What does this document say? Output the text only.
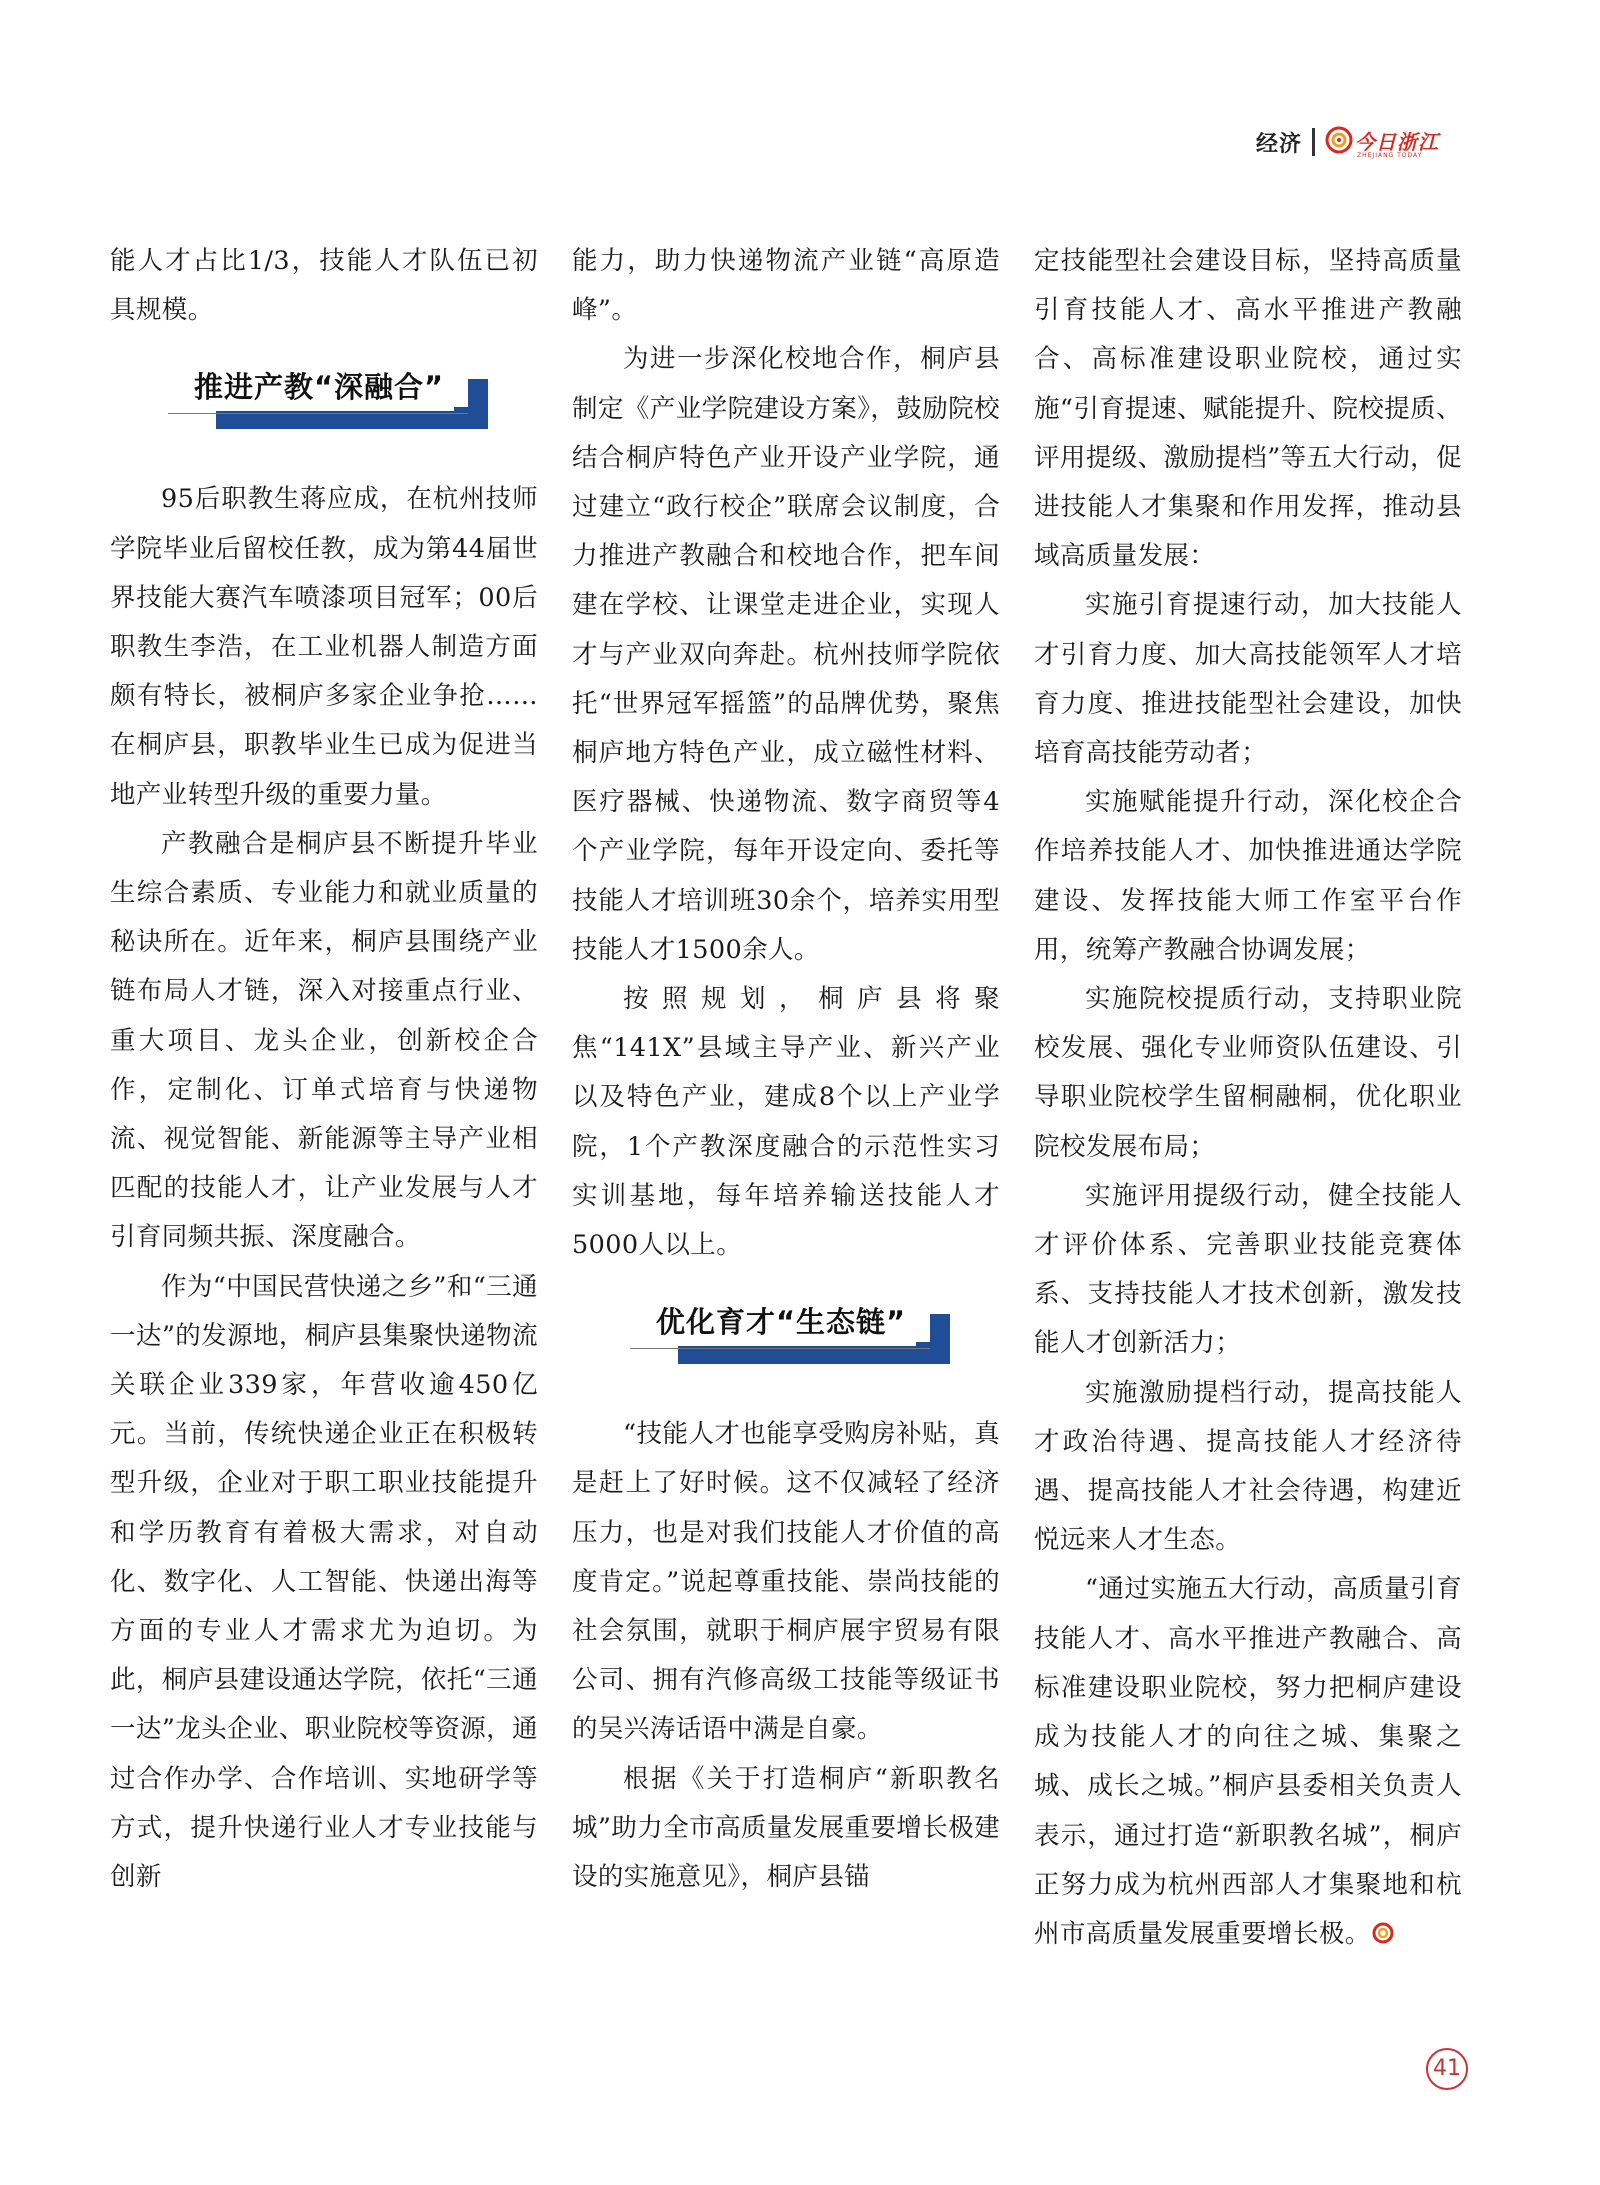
经济	今日浙江
ZHEJIANG TODAY

能人才占比1/3，技能人才队伍已初具规模。

推进产教“深融合”

95后职教生蒋应成，在杭州技师学院毕业后留校任教，成为第44届世界技能大赛汽车喷漆项目冠军；00后职教生李浩，在工业机器人制造方面颇有特长，被桐庐多家企业争抢……在桐庐县，职教毕业生已成为促进当地产业转型升级的重要力量。

产教融合是桐庐县不断提升毕业生综合素质、专业能力和就业质量的秘诀所在。近年来，桐庐县围绕产业链布局人才链，深入对接重点行业、重大项目、龙头企业，创新校企合作，定制化、订单式培育与快递物流、视觉智能、新能源等主导产业相匹配的技能人才，让产业发展与人才引育同频共振、深度融合。

作为“中国民营快递之乡”和“三通一达”的发源地，桐庐县集聚快递物流关联企业339家，年营收逾450亿元。当前，传统快递企业正在积极转型升级，企业对于职工职业技能提升和学历教育有着极大需求，对自动化、数字化、人工智能、快递出海等方面的专业人才需求尤为迫切。为此，桐庐县建设通达学院，依托“三通一达”龙头企业、职业院校等资源，通过合作办学、合作培训、实地研学等方式，提升快递行业人才专业技能与创新

能力，助力快递物流产业链“高原造峰”。

为进一步深化校地合作，桐庐县制定《产业学院建设方案》，鼓励院校结合桐庐特色产业开设产业学院，通过建立“政行校企”联席会议制度，合力推进产教融合和校地合作，把车间建在学校、让课堂走进企业，实现人才与产业双向奔赴。杭州技师学院依托“世界冠军摇篮”的品牌优势，聚焦桐庐地方特色产业，成立磁性材料、医疗器械、快递物流、数字商贸等4个产业学院，每年开设定向、委托等技能人才培训班30余个，培养实用型技能人才1500余人。

按照规划，桐庐县将聚焦“141X”县域主导产业、新兴产业以及特色产业，建成8个以上产业学院，1个产教深度融合的示范性实习实训基地，每年培养输送技能人才5000人以上。

优化育才“生态链”

“技能人才也能享受购房补贴，真是赶上了好时候。这不仅减轻了经济压力，也是对我们技能人才价值的高度肯定。”说起尊重技能、崇尚技能的社会氛围，就职于桐庐展宇贸易有限公司、拥有汽修高级工技能等级证书的吴兴涛话语中满是自豪。

根据《关于打造桐庐“新职教名城”助力全市高质量发展重要增长极建设的实施意见》，桐庐县锚

定技能型社会建设目标，坚持高质量引育技能人才、高水平推进产教融合、高标准建设职业院校，通过实施“引育提速、赋能提升、院校提质、评用提级、激励提档”等五大行动，促进技能人才集聚和作用发挥，推动县域高质量发展：

实施引育提速行动，加大技能人才引育力度、加大高技能领军人才培育力度、推进技能型社会建设，加快培育高技能劳动者；

实施赋能提升行动，深化校企合作培养技能人才、加快推进通达学院建设、发挥技能大师工作室平台作用，统筹产教融合协调发展；

实施院校提质行动，支持职业院校发展、强化专业师资队伍建设、引导职业院校学生留桐融桐，优化职业院校发展布局；

实施评用提级行动，健全技能人才评价体系、完善职业技能竞赛体系、支持技能人才技术创新，激发技能人才创新活力；

实施激励提档行动，提高技能人才政治待遇、提高技能人才经济待遇、提高技能人才社会待遇，构建近悦远来人才生态。

“通过实施五大行动，高质量引育技能人才、高水平推进产教融合、高标准建设职业院校，努力把桐庐建设成为技能人才的向往之城、集聚之城、成长之城。”桐庐县委相关负责人表示，通过打造“新职教名城”，桐庐正努力成为杭州西部人才集聚地和杭州市高质量发展重要增长极。

41
